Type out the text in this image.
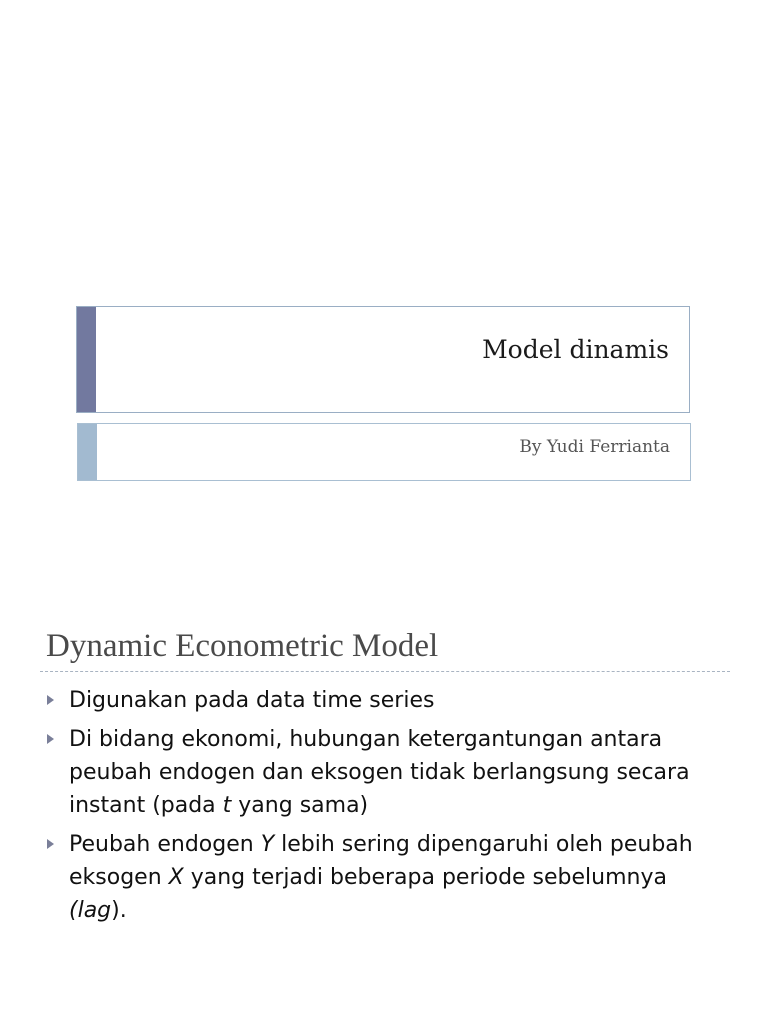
Model dinamis
By Yudi Ferrianta
Dynamic Econometric Model
Digunakan pada data time series
Di bidang ekonomi, hubungan ketergantungan antara peubah endogen dan eksogen tidak berlangsung secara instant (pada t yang sama)
Peubah endogen Y lebih sering dipengaruhi oleh peubah eksogen X yang terjadi beberapa periode sebelumnya (lag).
